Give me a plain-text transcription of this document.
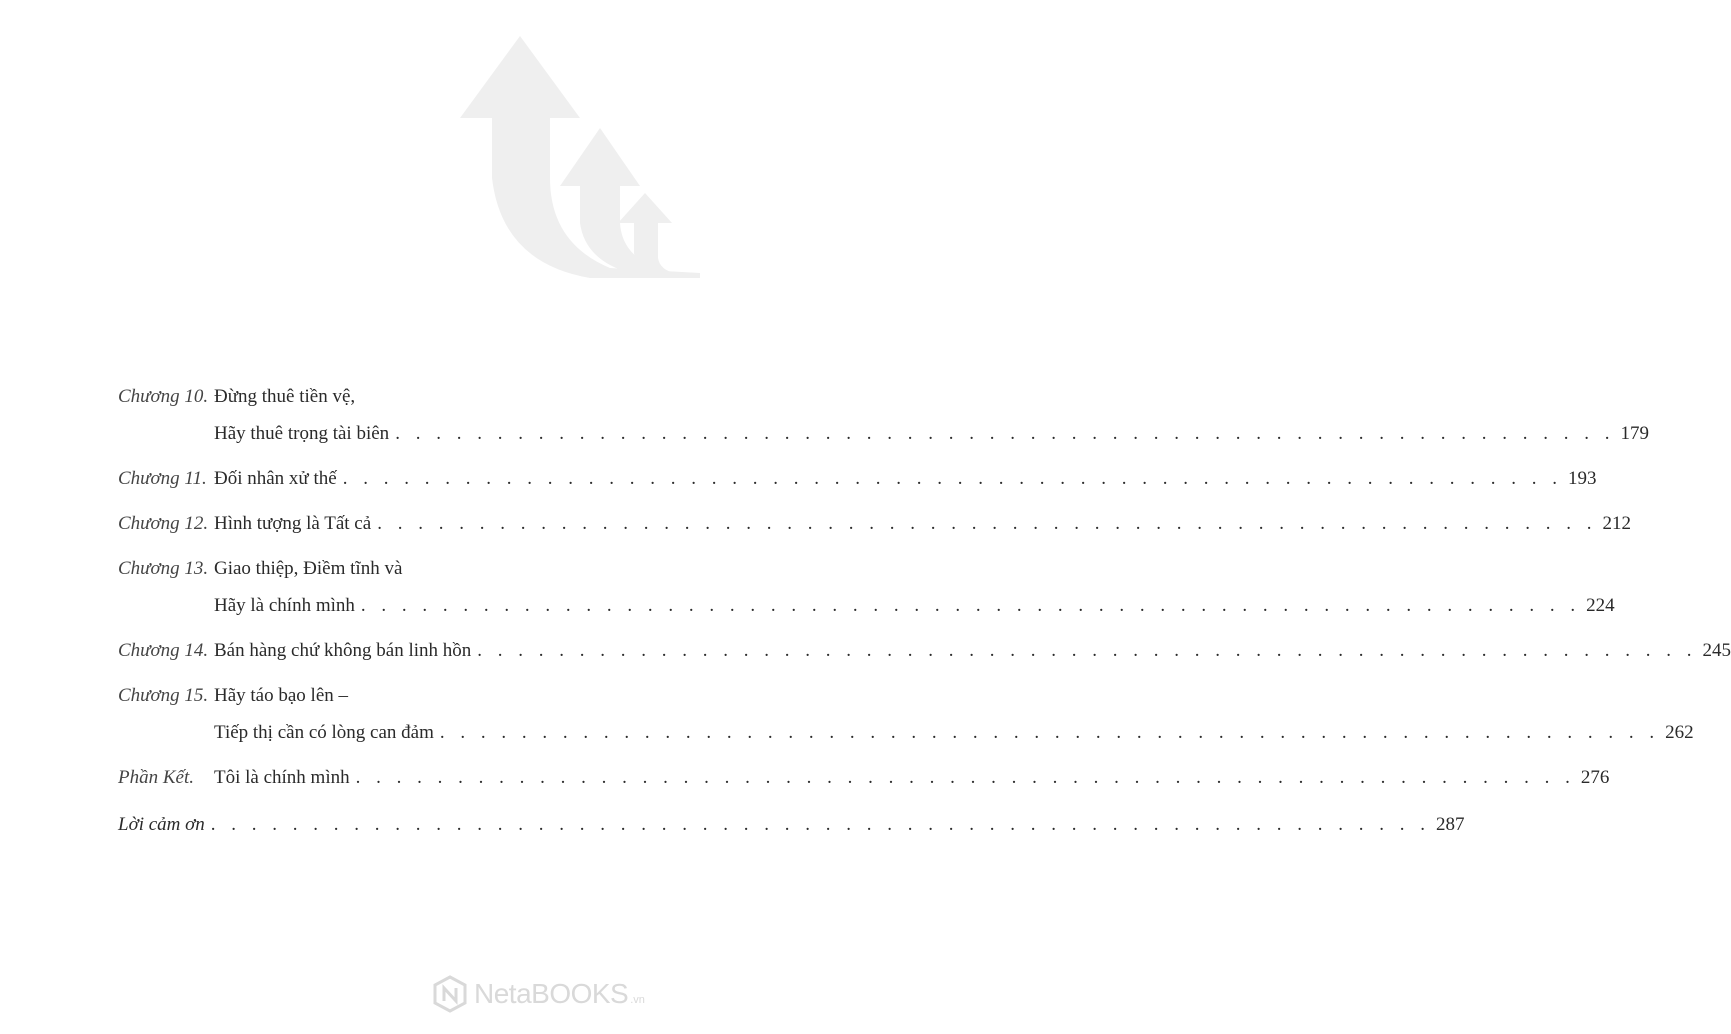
Chương 10. Đừng thuê tiền vệ,
Hãy thuê trọng tài biên . . . . . . . . . . . . . . . . . . . . . . . . . . . . . . . . . . . . . . . . . . . . . . . . . . . . . . . . . . . . 179
Chương 11. Đối nhân xử thế . . . . . . . . . . . . . . . . . . . . . . . . . . . . . . . . . . . . . . . . . . . . . . . . . . . . . . . . . . . . 193
Chương 12. Hình tượng là Tất cả . . . . . . . . . . . . . . . . . . . . . . . . . . . . . . . . . . . . . . . . . . . . . . . . . . . . . . . . . . . . 212
Chương 13. Giao thiệp, Điềm tĩnh và
Hãy là chính mình . . . . . . . . . . . . . . . . . . . . . . . . . . . . . . . . . . . . . . . . . . . . . . . . . . . . . . . . . . . . 224
Chương 14. Bán hàng chứ không bán linh hồn . . . . . . . . . . . . . . . . . . . . . . . . . . . . . . . . . . . . . . . . . . . . . . . . . . . . . . . . . . . . 245
Chương 15. Hãy táo bạo lên –
Tiếp thị cần có lòng can đảm . . . . . . . . . . . . . . . . . . . . . . . . . . . . . . . . . . . . . . . . . . . . . . . . . . . . . . . . . . . . 262
Phần Kết. Tôi là chính mình . . . . . . . . . . . . . . . . . . . . . . . . . . . . . . . . . . . . . . . . . . . . . . . . . . . . . . . . . . . . 276
Lời cảm ơn . . . . . . . . . . . . . . . . . . . . . . . . . . . . . . . . . . . . . . . . . . . . . . . . . . . . . . . . . . . . 287
NetaBOOKS .vn
